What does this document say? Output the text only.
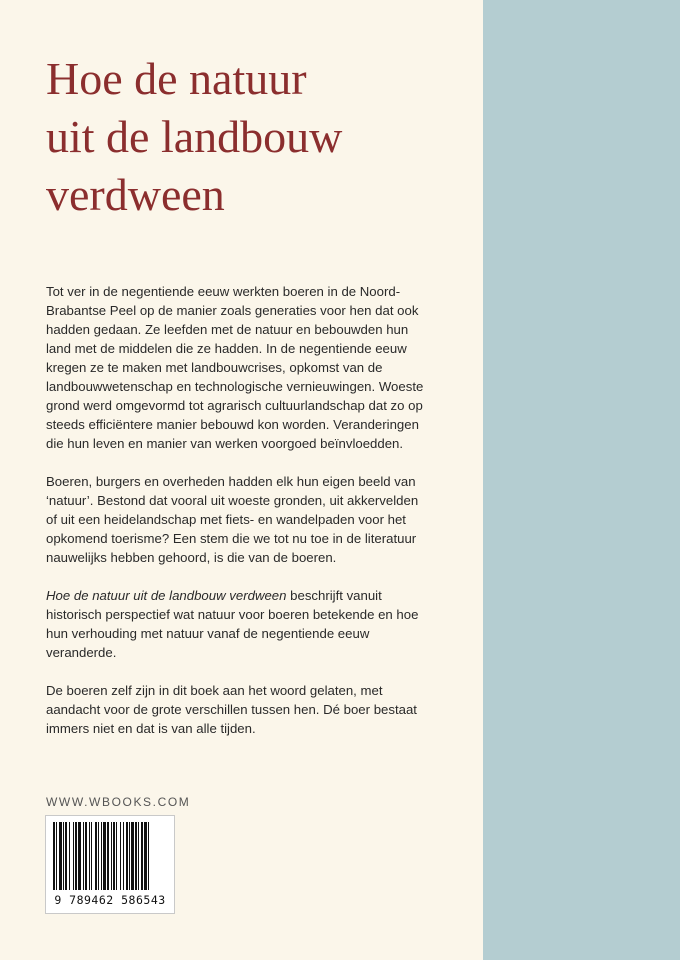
Hoe de natuur
uit de landbouw
verdween

Tot ver in de negentiende eeuw werkten boeren in de Noord-Brabantse Peel op de manier zoals generaties voor hen dat ook hadden gedaan. Ze leefden met de natuur en bebouwden hun land met de middelen die ze hadden. In de negentiende eeuw kregen ze te maken met landbouwcrises, opkomst van de landbouwwetenschap en technologische vernieuwingen. Woeste grond werd omgevormd tot agrarisch cultuurlandschap dat zo op steeds efficiëntere manier bebouwd kon worden. Veranderingen die hun leven en manier van werken voorgoed beïnvloedden.

Boeren, burgers en overheden hadden elk hun eigen beeld van ‘natuur’. Bestond dat vooral uit woeste gronden, uit akkervelden of uit een heidelandschap met fiets- en wandelpaden voor het opkomend toerisme? Een stem die we tot nu toe in de literatuur nauwelijks hebben gehoord, is die van de boeren.

Hoe de natuur uit de landbouw verdween beschrijft vanuit historisch perspectief wat natuur voor boeren betekende en hoe hun verhouding met natuur vanaf de negentiende eeuw veranderde.

De boeren zelf zijn in dit boek aan het woord gelaten, met aandacht voor de grote verschillen tussen hen. Dé boer bestaat immers niet en dat is van alle tijden.

WWW.WBOOKS.COM
9 789462 586543
